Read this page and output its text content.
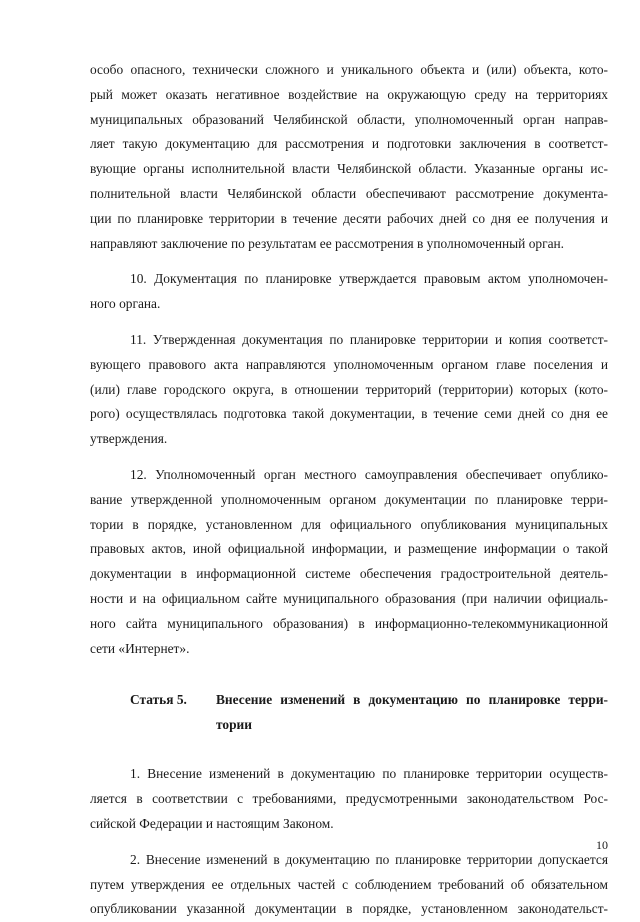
особо опасного, технически сложного и уникального объекта и (или) объекта, кото-
рый может оказать негативное воздействие на окружающую среду на территориях
муниципальных образований Челябинской области, уполномоченный орган направ-
ляет такую документацию для рассмотрения и подготовки заключения в соответст-
вующие органы исполнительной власти Челябинской области. Указанные органы ис-
полнительной власти Челябинской области обеспечивают рассмотрение документа-
ции по планировке территории в течение десяти рабочих дней со дня ее получения и
направляют заключение по результатам ее рассмотрения в уполномоченный орган.
10. Документация по планировке утверждается правовым актом уполномочен-
ного органа.
11. Утвержденная документация по планировке территории и копия соответст-
вующего правового акта направляются уполномоченным органом главе поселения и
(или) главе городского округа, в отношении территорий (территории) которых (кото-
рого) осуществлялась подготовка такой документации, в течение семи дней со дня ее
утверждения.
12. Уполномоченный орган местного самоуправления обеспечивает опублико-
вание утвержденной уполномоченным органом документации по планировке терри-
тории в порядке, установленном для официального опубликования муниципальных
правовых актов, иной официальной информации, и размещение информации о такой
документации в информационной системе обеспечения градостроительной деятель-
ности и на официальном сайте муниципального образования (при наличии официаль-
ного сайта муниципального образования) в информационно-телекоммуникационной
сети «Интернет».
Статья 5. Внесение изменений в документацию по планировке терри-
тории
1. Внесение изменений в документацию по планировке территории осуществ-
ляется в соответствии с требованиями, предусмотренными законодательством Рос-
сийской Федерации и настоящим Законом.
2. Внесение изменений в документацию по планировке территории допускается
путем утверждения ее отдельных частей с соблюдением требований об обязательном
опубликовании указанной документации в порядке, установленном законодательст-
10
